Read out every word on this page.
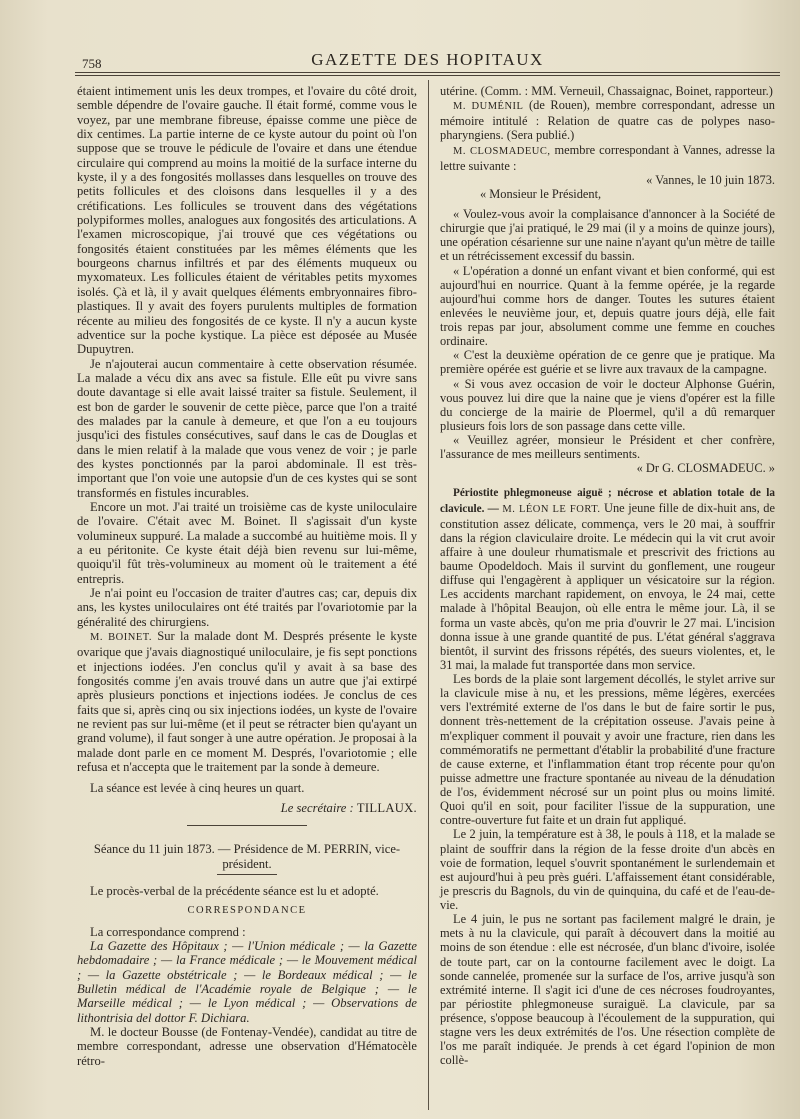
758	GAZETTE DES HOPITAUX

étaient intimement unis les deux trompes, et l'ovaire du côté droit, semble dépendre de l'ovaire gauche. Il était formé, comme vous le voyez, par une membrane fibreuse, épaisse comme une pièce de dix centimes. La partie interne de ce kyste autour du point où l'on suppose que se trouve le pédicule de l'ovaire et dans une étendue circulaire qui comprend au moins la moitié de la surface interne du kyste, il y a des fongosités mollasses dans lesquelles on trouve des petits follicules et des cloisons dans lesquelles il y a des crétifications. Les follicules se trouvent dans des végétations polypiformes molles, analogues aux fongosités des articulations. A l'examen microscopique, j'ai trouvé que ces végétations ou fongosités étaient constituées par les mêmes éléments que les bourgeons charnus infiltrés et par des éléments muqueux ou myxomateux. Les follicules étaient de véritables petits myxomes isolés. Çà et là, il y avait quelques éléments embryonnaires fibro-plastiques. Il y avait des foyers purulents multiples de formation récente au milieu des fongosités de ce kyste. Il n'y a aucun kyste adventice sur la poche kystique. La pièce est déposée au Musée Dupuytren.

Je n'ajouterai aucun commentaire à cette observation résumée. La malade a vécu dix ans avec sa fistule. Elle eût pu vivre sans doute davantage si elle avait laissé traiter sa fistule. Seulement, il est bon de garder le souvenir de cette pièce, parce que l'on a traité des malades par la canule à demeure, et que l'on a eu toujours jusqu'ici des fistules consécutives, sauf dans le cas de Douglas et dans le mien relatif à la malade que vous venez de voir ; je parle des kystes ponctionnés par la paroi abdominale. Il est très-important que l'on voie une autopsie d'un de ces kystes qui se sont transformés en fistules incurables.

Encore un mot. J'ai traité un troisième cas de kyste uniloculaire de l'ovaire. C'était avec M. Boinet. Il s'agissait d'un kyste volumineux suppuré. La malade a succombé au huitième mois. Il y a eu péritonite. Ce kyste était déjà bien revenu sur lui-même, quoiqu'il fût très-volumineux au moment où le traitement a été entrepris.

Je n'ai point eu l'occasion de traiter d'autres cas; car, depuis dix ans, les kystes uniloculaires ont été traités par l'ovariotomie par la généralité des chirurgiens.

M. BOINET. Sur la malade dont M. Després présente le kyste ovarique que j'avais diagnostiqué uniloculaire, je fis sept ponctions et injections iodées. J'en conclus qu'il y avait à sa base des fongosités comme j'en avais trouvé dans un autre que j'ai extirpé après plusieurs ponctions et injections iodées. Je conclus de ces faits que si, après cinq ou six injections iodées, un kyste de l'ovaire ne revient pas sur lui-même (et il peut se rétracter bien qu'ayant un grand volume), il faut songer à une autre opération. Je proposai à la malade dont parle en ce moment M. Després, l'ovariotomie ; elle refusa et n'accepta que le traitement par la sonde à demeure.

La séance est levée à cinq heures un quart.

Le secrétaire : TILLAUX.

Séance du 11 juin 1873. — Présidence de M. PERRIN, vice-président.

Le procès-verbal de la précédente séance est lu et adopté.

CORRESPONDANCE

La correspondance comprend :

La Gazette des Hôpitaux ; — l'Union médicale ; — la Gazette hebdomadaire ; — la France médicale ; — le Mouvement médical ; — la Gazette obstétricale ; — le Bordeaux médical ; — le Bulletin médical de l'Académie royale de Belgique ; — le Marseille médical ; — le Lyon médical ; — Observations de lithontrisia del dottor F. Dichiara.

M. le docteur Bousse (de Fontenay-Vendée), candidat au titre de membre correspondant, adresse une observation d'Hématocèle rétro-

utérine. (Comm. : MM. Verneuil, Chassaignac, Boinet, rapporteur.)

M. DUMÉNIL (de Rouen), membre correspondant, adresse un mémoire intitulé : Relation de quatre cas de polypes naso-pharyngiens. (Sera publié.)

M. CLOSMADEUC, membre correspondant à Vannes, adresse la lettre suivante :

« Vannes, le 10 juin 1873.

« Monsieur le Président,

« Voulez-vous avoir la complaisance d'annoncer à la Société de chirurgie que j'ai pratiqué, le 29 mai (il y a moins de quinze jours), une opération césarienne sur une naine n'ayant qu'un mètre de taille et un rétrécissement excessif du bassin.

« L'opération a donné un enfant vivant et bien conformé, qui est aujourd'hui en nourrice. Quant à la femme opérée, je la regarde aujourd'hui comme hors de danger. Toutes les sutures étaient enlevées le neuvième jour, et, depuis quatre jours déjà, elle fait trois repas par jour, absolument comme une femme en couches ordinaire.

« C'est la deuxième opération de ce genre que je pratique. Ma première opérée est guérie et se livre aux travaux de la campagne.

« Si vous avez occasion de voir le docteur Alphonse Guérin, vous pouvez lui dire que la naine que je viens d'opérer est la fille du concierge de la mairie de Ploermel, qu'il a dû remarquer plusieurs fois lors de son passage dans cette ville.

« Veuillez agréer, monsieur le Président et cher confrère, l'assurance de mes meilleurs sentiments.

« Dr G. CLOSMADEUC. »

Périostite phlegmoneuse aiguë ; nécrose et ablation totale de la clavicule. — M. LÉON LE FORT. Une jeune fille de dix-huit ans, de constitution assez délicate, commença, vers le 20 mai, à souffrir dans la région claviculaire droite. Le médecin qui la vit crut avoir affaire à une douleur rhumatismale et prescrivit des frictions au baume Opodeldoch. Mais il survint du gonflement, une rougeur diffuse qui l'engagèrent à appliquer un vésicatoire sur la région. Les accidents marchant rapidement, on envoya, le 24 mai, cette malade à l'hôpital Beaujon, où elle entra le même jour. Là, il se forma un vaste abcès, qu'on me pria d'ouvrir le 27 mai. L'incision donna issue à une grande quantité de pus. L'état général s'aggrava bientôt, il survint des frissons répétés, des sueurs violentes, et, le 31 mai, la malade fut transportée dans mon service.

Les bords de la plaie sont largement décollés, le stylet arrive sur la clavicule mise à nu, et les pressions, même légères, exercées vers l'extrémité externe de l'os dans le but de faire sortir le pus, donnent très-nettement de la crépitation osseuse. J'avais peine à m'expliquer comment il pouvait y avoir une fracture, rien dans les commémoratifs ne permettant d'établir la probabilité d'une fracture de cause externe, et l'inflammation étant trop récente pour qu'on puisse admettre une fracture spontanée au niveau de la dénudation de l'os, évidemment nécrosé sur un point plus ou moins limité. Quoi qu'il en soit, pour faciliter l'issue de la suppuration, une contre-ouverture fut faite et un drain fut appliqué.

Le 2 juin, la température est à 38, le pouls à 118, et la malade se plaint de souffrir dans la région de la fesse droite d'un abcès en voie de formation, lequel s'ouvrit spontanément le surlendemain et est aujourd'hui à peu près guéri. L'affaissement étant considérable, je prescris du Bagnols, du vin de quinquina, du café et de l'eau-de-vie.

Le 4 juin, le pus ne sortant pas facilement malgré le drain, je mets à nu la clavicule, qui paraît à découvert dans la moitié au moins de son étendue : elle est nécrosée, d'un blanc d'ivoire, isolée de toute part, car on la contourne facilement avec le doigt. La sonde cannelée, promenée sur la surface de l'os, arrive jusqu'à son extrémité interne. Il s'agit ici d'une de ces nécroses foudroyantes, par périostite phlegmoneuse suraiguë. La clavicule, par sa présence, s'oppose beaucoup à l'écoulement de la suppuration, qui stagne vers les deux extrémités de l'os. Une résection complète de l'os me paraît indiquée. Je prends à cet égard l'opinion de mon collè-
